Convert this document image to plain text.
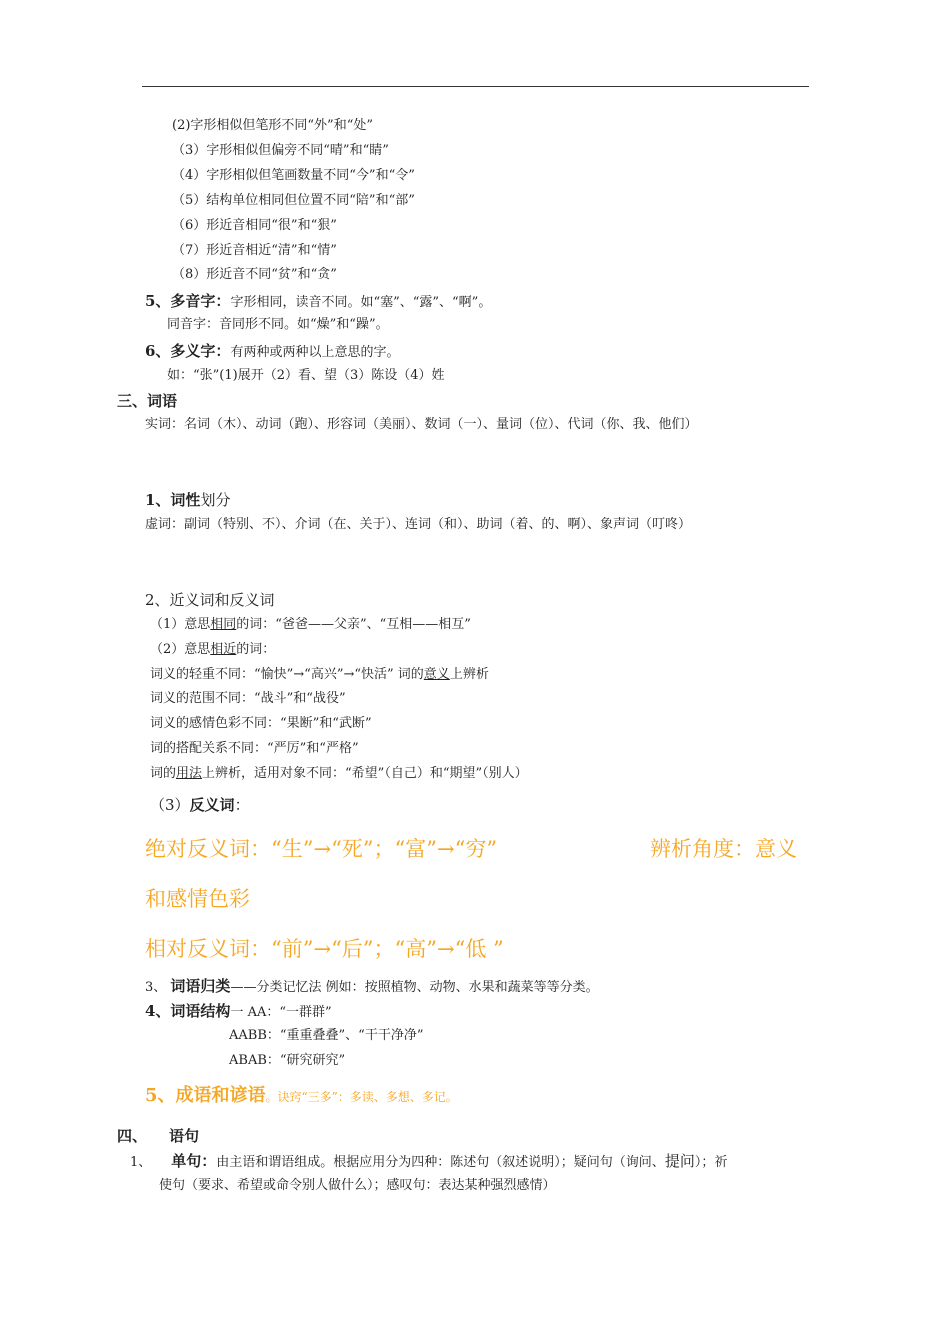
(2)字形相似但笔形不同“外”和“处”
（3）字形相似但偏旁不同“晴”和“睛”
（4）字形相似但笔画数量不同“今”和“令”
（5）结构单位相同但位置不同“陪”和“部”
（6）形近音相同“很”和“狠”
（7）形近音相近“清”和“情”
（8）形近音不同“贫”和“贪”
5、多音字：字形相同，读音不同。如“塞”、“露”、“啊”。
同音字：音同形不同。如“燥”和“躁”。
6、多义字：有两种或两种以上意思的字。
如：“张”(1)展开（2）看、望（3）陈设（4）姓
三、词语
实词：名词（木）、动词（跑）、形容词（美丽）、数词（一）、量词（位）、代词（你、我、他们）
1、词性划分
虚词：副词（特别、不）、介词（在、关于）、连词（和）、助词（着、的、啊）、象声词（叮咚）
2、近义词和反义词
（1）意思相同的词：“爸爸——父亲”、“互相——相互”
（2）意思相近的词：
词义的轻重不同：“愉快”→“高兴”→“快活” 词的意义上辨析
词义的范围不同：“战斗”和“战役”
词义的感情色彩不同：“果断”和“武断”
词的搭配关系不同：“严厉”和“严格”
词的用法上辨析，适用对象不同：“希望”（自己）和“期望”（别人）
（3）反义词：
绝对反义词：“生”→“死”；“富”→“穷”	辨析角度：意义
和感情色彩
相对反义词：“前”→“后”；“高”→“低 ”
3、 词语归类——分类记忆法 例如：按照植物、动物、水果和蔬菜等等分类。
4、词语结构一 AA：“一群群”
AABB：“重重叠叠”、“干干净净”
ABAB：“研究研究”
5、成语和谚语。诀窍“三多”：多读、多想、多记。
四、 语句
1、 单句：由主语和谓语组成。根据应用分为四种：陈述句（叙述说明）；疑问句（询问、提问）；祈
使句（要求、希望或命令别人做什么）；感叹句：表达某种强烈感情）
